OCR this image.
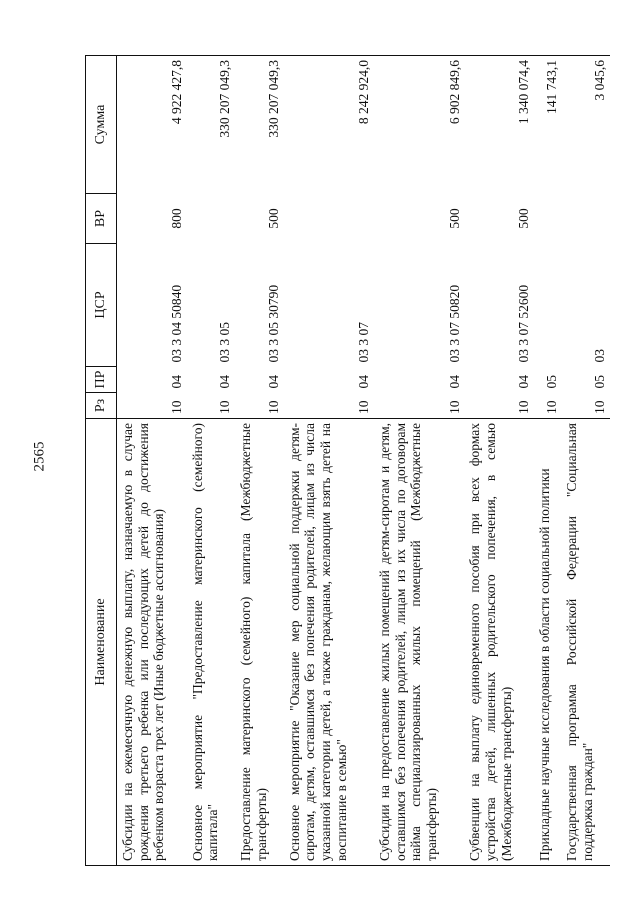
2565
Наименование	Рз	ПР	ЦСР	ВР	Сумма
Субсидии на ежемесячную денежную выплату, назначаемую в случае рождения третьего ребенка или последующих детей до достижения ребенком возраста трех лет (Иные бюджетные ассигнования)	10	04	03 3 04 50840	800	4 922 427,8
Основное мероприятие "Предоставление материнского (семейного) капитала"	10	04	03 3 05		330 207 049,3
Предоставление материнского (семейного) капитала (Межбюджетные трансферты)	10	04	03 3 05 30790	500	330 207 049,3
Основное мероприятие "Оказание мер социальной поддержки детям-сиротам, детям, оставшимся без попечения родителей, лицам из числа указанной категории детей, а также гражданам, желающим взять детей на воспитание в семью"	10	04	03 3 07		8 242 924,0
Субсидии на предоставление жилых помещений детям-сиротам и детям, оставшимся без попечения родителей, лицам из их числа по договорам найма специализированных жилых помещений (Межбюджетные трансферты)	10	04	03 3 07 50820	500	6 902 849,6
Субвенции на выплату единовременного пособия при всех формах устройства детей, лишенных родительского попечения, в семью (Межбюджетные трансферты)	10	04	03 3 07 52600	500	1 340 074,4
Прикладные научные исследования в области социальной политики	10	05			141 743,1
Государственная программа Российской Федерации "Социальная поддержка граждан"	10	05	03		3 045,6
